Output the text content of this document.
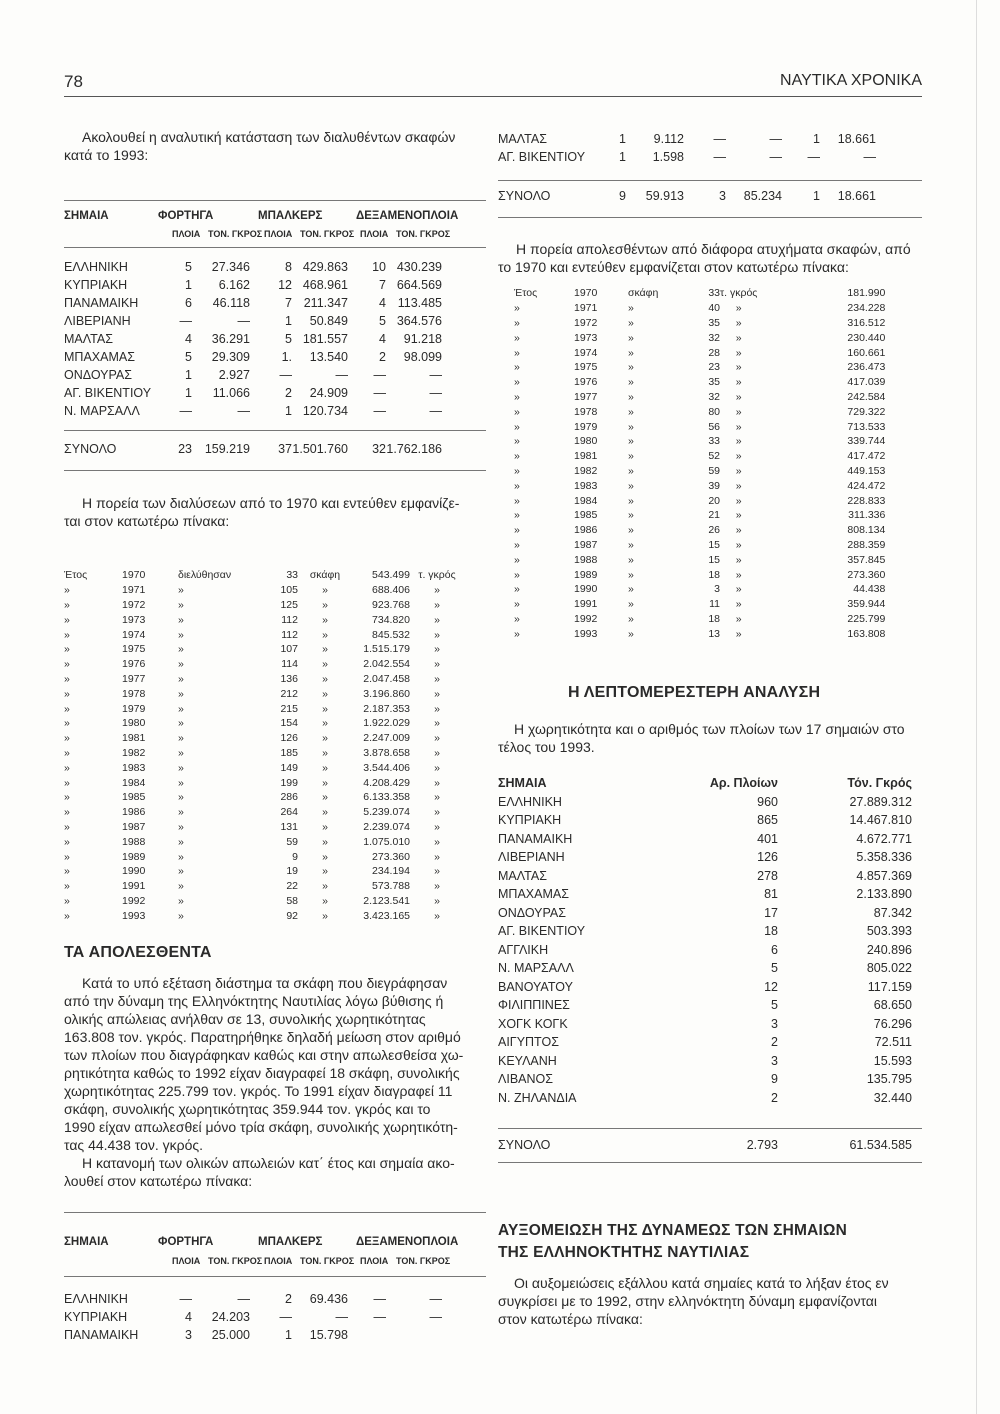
78	ΝΑΥΤΙΚΑ ΧΡΟΝΙΚΑ
Ακολουθεί η αναλυτική κατάσταση των διαλυθέντων σκαφών
κατά το 1993:
ΣΗΜΑΙΑ	ΦΟΡΤΗΓΑ	ΜΠΑΛΚΕΡΣ	ΔΕΞΑΜΕΝΟΠΛΟΙΑ
ΠΛΟΙΑ ΤΟΝ. ΓΚΡΟΣ ΠΛΟΙΑ ΤΟΝ. ΓΚΡΟΣ ΠΛΟΙΑ ΤΟΝ. ΓΚΡΟΣ
ΕΛΛΗΝΙΚΗ	5	27.346	8	429.863	10	430.239
ΚΥΠΡΙΑΚΗ	1	6.162	12	468.961	7	664.569
ΠΑΝΑΜΑΙΚΗ	6	46.118	7	211.347	4	113.485
ΛΙΒΕΡΙΑΝΗ	—	—	1	50.849	5	364.576
ΜΑΛΤΑΣ	4	36.291	5	181.557	4	91.218
ΜΠΑΧΑΜΑΣ	5	29.309	1.	13.540	2	98.099
ΟΝΔΟΥΡΑΣ	1	2.927	—	—	—	—
ΑΓ. ΒΙΚΕΝΤΙΟΥ	1	11.066	2	24.909	—	—
Ν. ΜΑΡΣΑΛΛ	—	—	1	120.734	—	—
ΣΥΝΟΛΟ	23	159.219	37	1.501.760	32	1.762.186
Η πορεία των διαλύσεων από το 1970 και εντεύθεν εμφανίζε-
ται στον κατωτέρω πίνακα:
Έτος	1970	διελύθησαν	33	σκάφη	543.499	τ. γκρός
»	1971	»	105	»	688.406	»
»	1972	»	125	»	923.768	»
»	1973	»	112	»	734.820	»
»	1974	»	112	»	845.532	»
»	1975	»	107	»	1.515.179	»
»	1976	»	114	»	2.042.554	»
»	1977	»	136	»	2.047.458	»
»	1978	»	212	»	3.196.860	»
»	1979	»	215	»	2.187.353	»
»	1980	»	154	»	1.922.029	»
»	1981	»	126	»	2.247.009	»
»	1982	»	185	»	3.878.658	»
»	1983	»	149	»	3.544.406	»
»	1984	»	199	»	4.208.429	»
»	1985	»	286	»	6.133.358	»
»	1986	»	264	»	5.239.074	»
»	1987	»	131	»	2.239.074	»
»	1988	»	59	»	1.075.010	»
»	1989	»	9	»	273.360	»
»	1990	»	19	»	234.194	»
»	1991	»	22	»	573.788	»
»	1992	»	58	»	2.123.541	»
»	1993	»	92	»	3.423.165	»
ΤΑ ΑΠΟΛΕΣΘΕΝΤΑ
Κατά το υπό εξέταση διάστημα τα σκάφη που διεγράφησαν
από την δύναμη της Ελληνόκτητης Ναυτιλίας λόγω βύθισης ή
ολικής απώλειας ανήλθαν σε 13, συνολικής χωρητικότητας
163.808 τον. γκρός. Παρατηρήθηκε δηλαδή μείωση στον αριθμό
των πλοίων που διαγράφηκαν καθώς και στην απωλεσθείσα χω-
ρητικότητα καθώς το 1992 είχαν διαγραφεί 18 σκάφη, συνολικής
χωρητικότητας 225.799 τον. γκρός. Το 1991 είχαν διαγραφεί 11
σκάφη, συνολικής χωρητικότητας 359.944 τον. γκρός και το
1990 είχαν απωλεσθεί μόνο τρία σκάφη, συνολικής χωρητικότη-
τας 44.438 τον. γκρός.
Η κατανομή των ολικών απωλειών κατ΄ έτος και σημαία ακο-
λουθεί στον κατωτέρω πίνακα:
ΣΗΜΑΙΑ	ΦΟΡΤΗΓΑ	ΜΠΑΛΚΕΡΣ	ΔΕΞΑΜΕΝΟΠΛΟΙΑ
ΠΛΟΙΑ ΤΟΝ. ΓΚΡΟΣ ΠΛΟΙΑ ΤΟΝ. ΓΚΡΟΣ ΠΛΟΙΑ ΤΟΝ. ΓΚΡΟΣ
ΕΛΛΗΝΙΚΗ	—	—	2	69.436	—	—
ΚΥΠΡΙΑΚΗ	4	24.203	—	—	—	—
ΠΑΝΑΜΑΙΚΗ	3	25.000	1	15.798		
ΜΑΛΤΑΣ	1	9.112	—	—	1	18.661
ΑΓ. ΒΙΚΕΝΤΙΟΥ	1	1.598	—	—	—	—
ΣΥΝΟΛΟ	9	59.913	3	85.234	1	18.661
Η πορεία απολεσθέντων από διάφορα ατυχήματα σκαφών, από
το 1970 και εντεύθεν εμφανίζεται στον κατωτέρω πίνακα:
Έτος	1970	σκάφη	33	τ. γκρός	181.990
»	1971	»	40	»	234.228
»	1972	»	35	»	316.512
»	1973	»	32	»	230.440
»	1974	»	28	»	160.661
»	1975	»	23	»	236.473
»	1976	»	35	»	417.039
»	1977	»	32	»	242.584
»	1978	»	80	»	729.322
»	1979	»	56	»	713.533
»	1980	»	33	»	339.744
»	1981	»	52	»	417.472
»	1982	»	59	»	449.153
»	1983	»	39	»	424.472
»	1984	»	20	»	228.833
»	1985	»	21	»	311.336
»	1986	»	26	»	808.134
»	1987	»	15	»	288.359
»	1988	»	15	»	357.845
»	1989	»	18	»	273.360
»	1990	»	3	»	44.438
»	1991	»	11	»	359.944
»	1992	»	18	»	225.799
»	1993	»	13	»	163.808
Η ΛΕΠΤΟΜΕΡΕΣΤΕΡΗ ΑΝΑΛΥΣΗ
Η χωρητικότητα και ο αριθμός των πλοίων των 17 σημαιών στο
τέλος του 1993.
ΣΗΜΑΙΑ	Αρ. Πλοίων	Τόν. Γκρός
ΕΛΛΗΝΙΚΗ	960	27.889.312
ΚΥΠΡΙΑΚΗ	865	14.467.810
ΠΑΝΑΜΑΙΚΗ	401	4.672.771
ΛΙΒΕΡΙΑΝΗ	126	5.358.336
ΜΑΛΤΑΣ	278	4.857.369
ΜΠΑΧΑΜΑΣ	81	2.133.890
ΟΝΔΟΥΡΑΣ	17	87.342
ΑΓ. ΒΙΚΕΝΤΙΟΥ	18	503.393
ΑΓΓΛΙΚΗ	6	240.896
Ν. ΜΑΡΣΑΛΛ	5	805.022
ΒΑΝΟΥΑΤΟΥ	12	117.159
ΦΙΛΙΠΠΙΝΕΣ	5	68.650
ΧΟΓΚ ΚΟΓΚ	3	76.296
ΑΙΓΥΠΤΟΣ	2	72.511
ΚΕΥΛΑΝΗ	3	15.593
ΛΙΒΑΝΟΣ	9	135.795
Ν. ΖΗΛΑΝΔΙΑ	2	32.440
ΣΥΝΟΛΟ	2.793	61.534.585
ΑΥΞΟΜΕΙΩΣΗ ΤΗΣ ΔΥΝΑΜΕΩΣ ΤΩΝ ΣΗΜΑΙΩΝ
ΤΗΣ ΕΛΛΗΝΟΚΤΗΤΗΣ ΝΑΥΤΙΛΙΑΣ
Οι αυξομειώσεις εξάλλου κατά σημαίες κατά το λήξαν έτος εν
συγκρίσει με το 1992, στην ελληνόκτητη δύναμη εμφανίζονται
στον κατωτέρω πίνακα:
